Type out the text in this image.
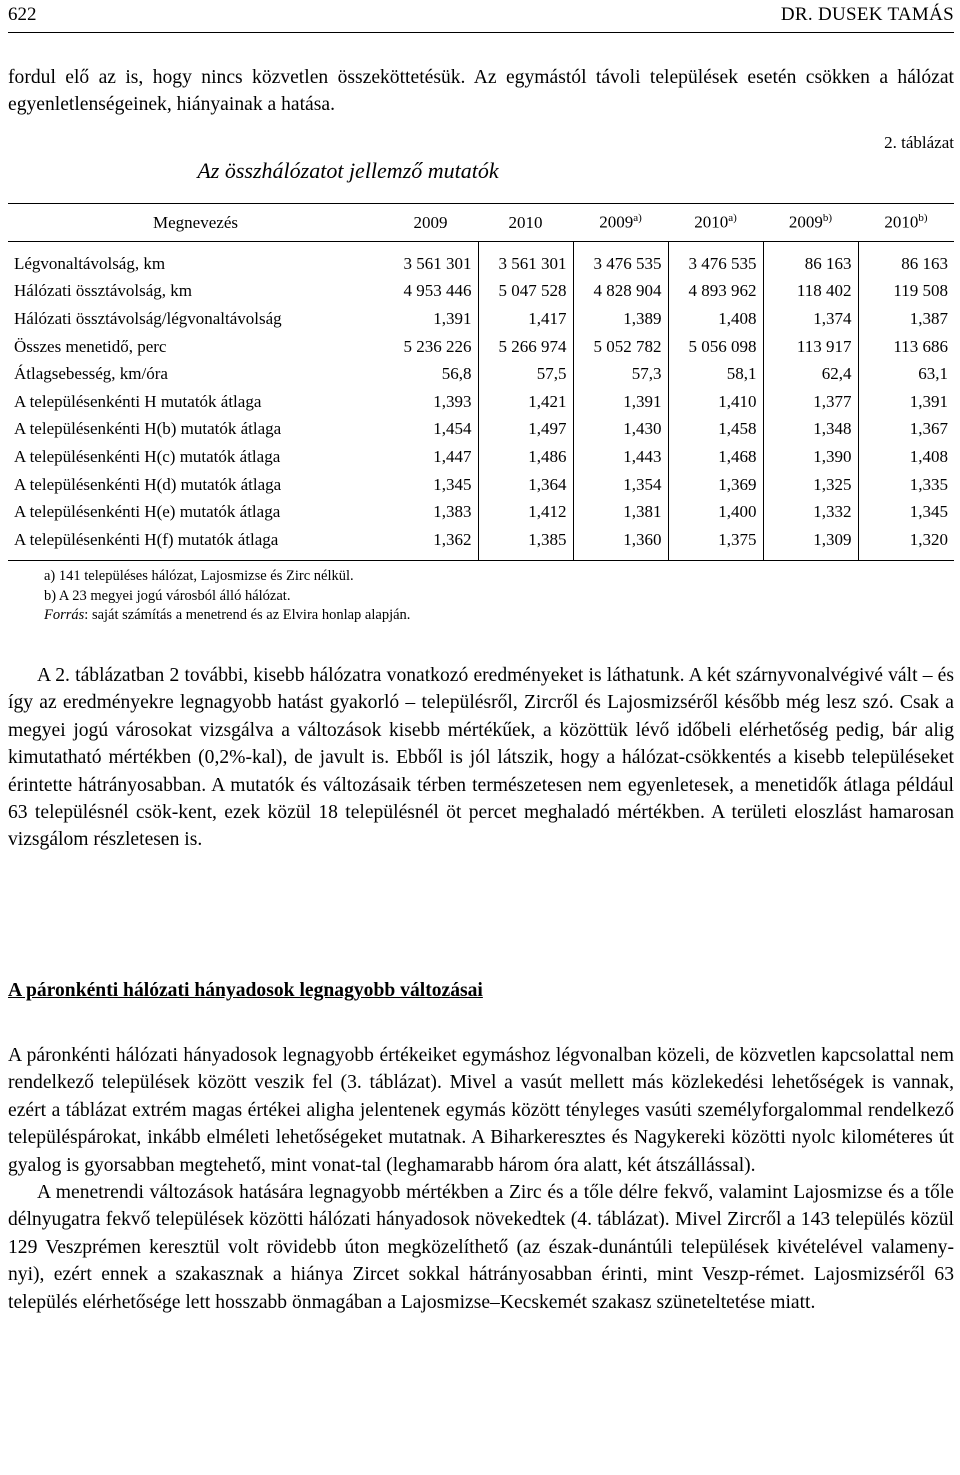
622	DR. DUSEK TAMÁS

fordul elő az is, hogy nincs közvetlen összeköttetésük. Az egymástól távoli települések esetén csökken a hálózat egyenletlenségeinek, hiányainak a hatása.

2. táblázat
Az összhálózatot jellemző mutatók
Megnevezés	2009	2010	2009$^{a)}$	2010$^{a)}$	2009$^{b)}$	2010$^{b)}$
Légvonaltávolság, km	3 561 301	3 561 301	3 476 535	3 476 535	86 163	86 163
Hálózati össztávolság, km	4 953 446	5 047 528	4 828 904	4 893 962	118 402	119 508
Hálózati össztávolság/légvonaltávolság	1,391	1,417	1,389	1,408	1,374	1,387
Összes menetidő, perc	5 236 226	5 266 974	5 052 782	5 056 098	113 917	113 686
Átlagsebesség, km/óra	56,8	57,5	57,3	58,1	62,4	63,1
A településenkénti H mutatók átlaga	1,393	1,421	1,391	1,410	1,377	1,391
A településenkénti H(b) mutatók átlaga	1,454	1,497	1,430	1,458	1,348	1,367
A településenkénti H(c) mutatók átlaga	1,447	1,486	1,443	1,468	1,390	1,408
A településenkénti H(d) mutatók átlaga	1,345	1,364	1,354	1,369	1,325	1,335
A településenkénti H(e) mutatók átlaga	1,383	1,412	1,381	1,400	1,332	1,345
A településenkénti H(f) mutatók átlaga	1,362	1,385	1,360	1,375	1,309	1,320
a) 141 településes hálózat, Lajosmizse és Zirc nélkül.
b) A 23 megyei jogú városból álló hálózat.
Forrás: saját számítás a menetrend és az Elvira honlap alapján.

A 2. táblázatban 2 további, kisebb hálózatra vonatkozó eredményeket is láthatunk. A két szárnyvonalvégivé vált – és így az eredményekre legnagyobb hatást gyakorló – településről, Zircről és Lajosmizséről később még lesz szó. Csak a megyei jogú városokat vizsgálva a változások kisebb mértékűek, a közöttük lévő időbeli elérhetőség pedig, bár alig kimutatható mértékben (0,2%-kal), de javult is. Ebből is jól látszik, hogy a hálózat-csökkentés a kisebb településeket érintette hátrányosabban. A mutatók és változásaik térben természetesen nem egyenletesek, a menetidők átlaga például 63 településnél csök-kent, ezek közül 18 településnél öt percet meghaladó mértékben. A területi eloszlást hamarosan vizsgálom részletesen is.

A páronkénti hálózati hányadosok legnagyobb változásai

A páronkénti hálózati hányadosok legnagyobb értékeiket egymáshoz légvonalban közeli, de közvetlen kapcsolattal nem rendelkező települések között veszik fel (3. táblázat). Mivel a vasút mellett más közlekedési lehetőségek is vannak, ezért a táblázat extrém magas értékei aligha jelentenek egymás között tényleges vasúti személyforgalommal rendelkező településpárokat, inkább elméleti lehetőségeket mutatnak. A Biharkeresztes és Nagykereki közötti nyolc kilométeres út gyalog is gyorsabban megtehető, mint vonat-tal (leghamarabb három óra alatt, két átszállással).

A menetrendi változások hatására legnagyobb mértékben a Zirc és a tőle délre fekvő, valamint Lajosmizse és a tőle délnyugatra fekvő települések közötti hálózati hányadosok növekedtek (4. táblázat). Mivel Zircről a 143 település közül 129 Veszprémen keresztül volt rövidebb úton megközelíthető (az észak-dunántúli települések kivételével valameny-nyi), ezért ennek a szakasznak a hiánya Zircet sokkal hátrányosabban érinti, mint Veszp-rémet. Lajosmizséről 63 település elérhetősége lett hosszabb önmagában a Lajosmizse–Kecskemét szakasz szüneteltetése miatt.
